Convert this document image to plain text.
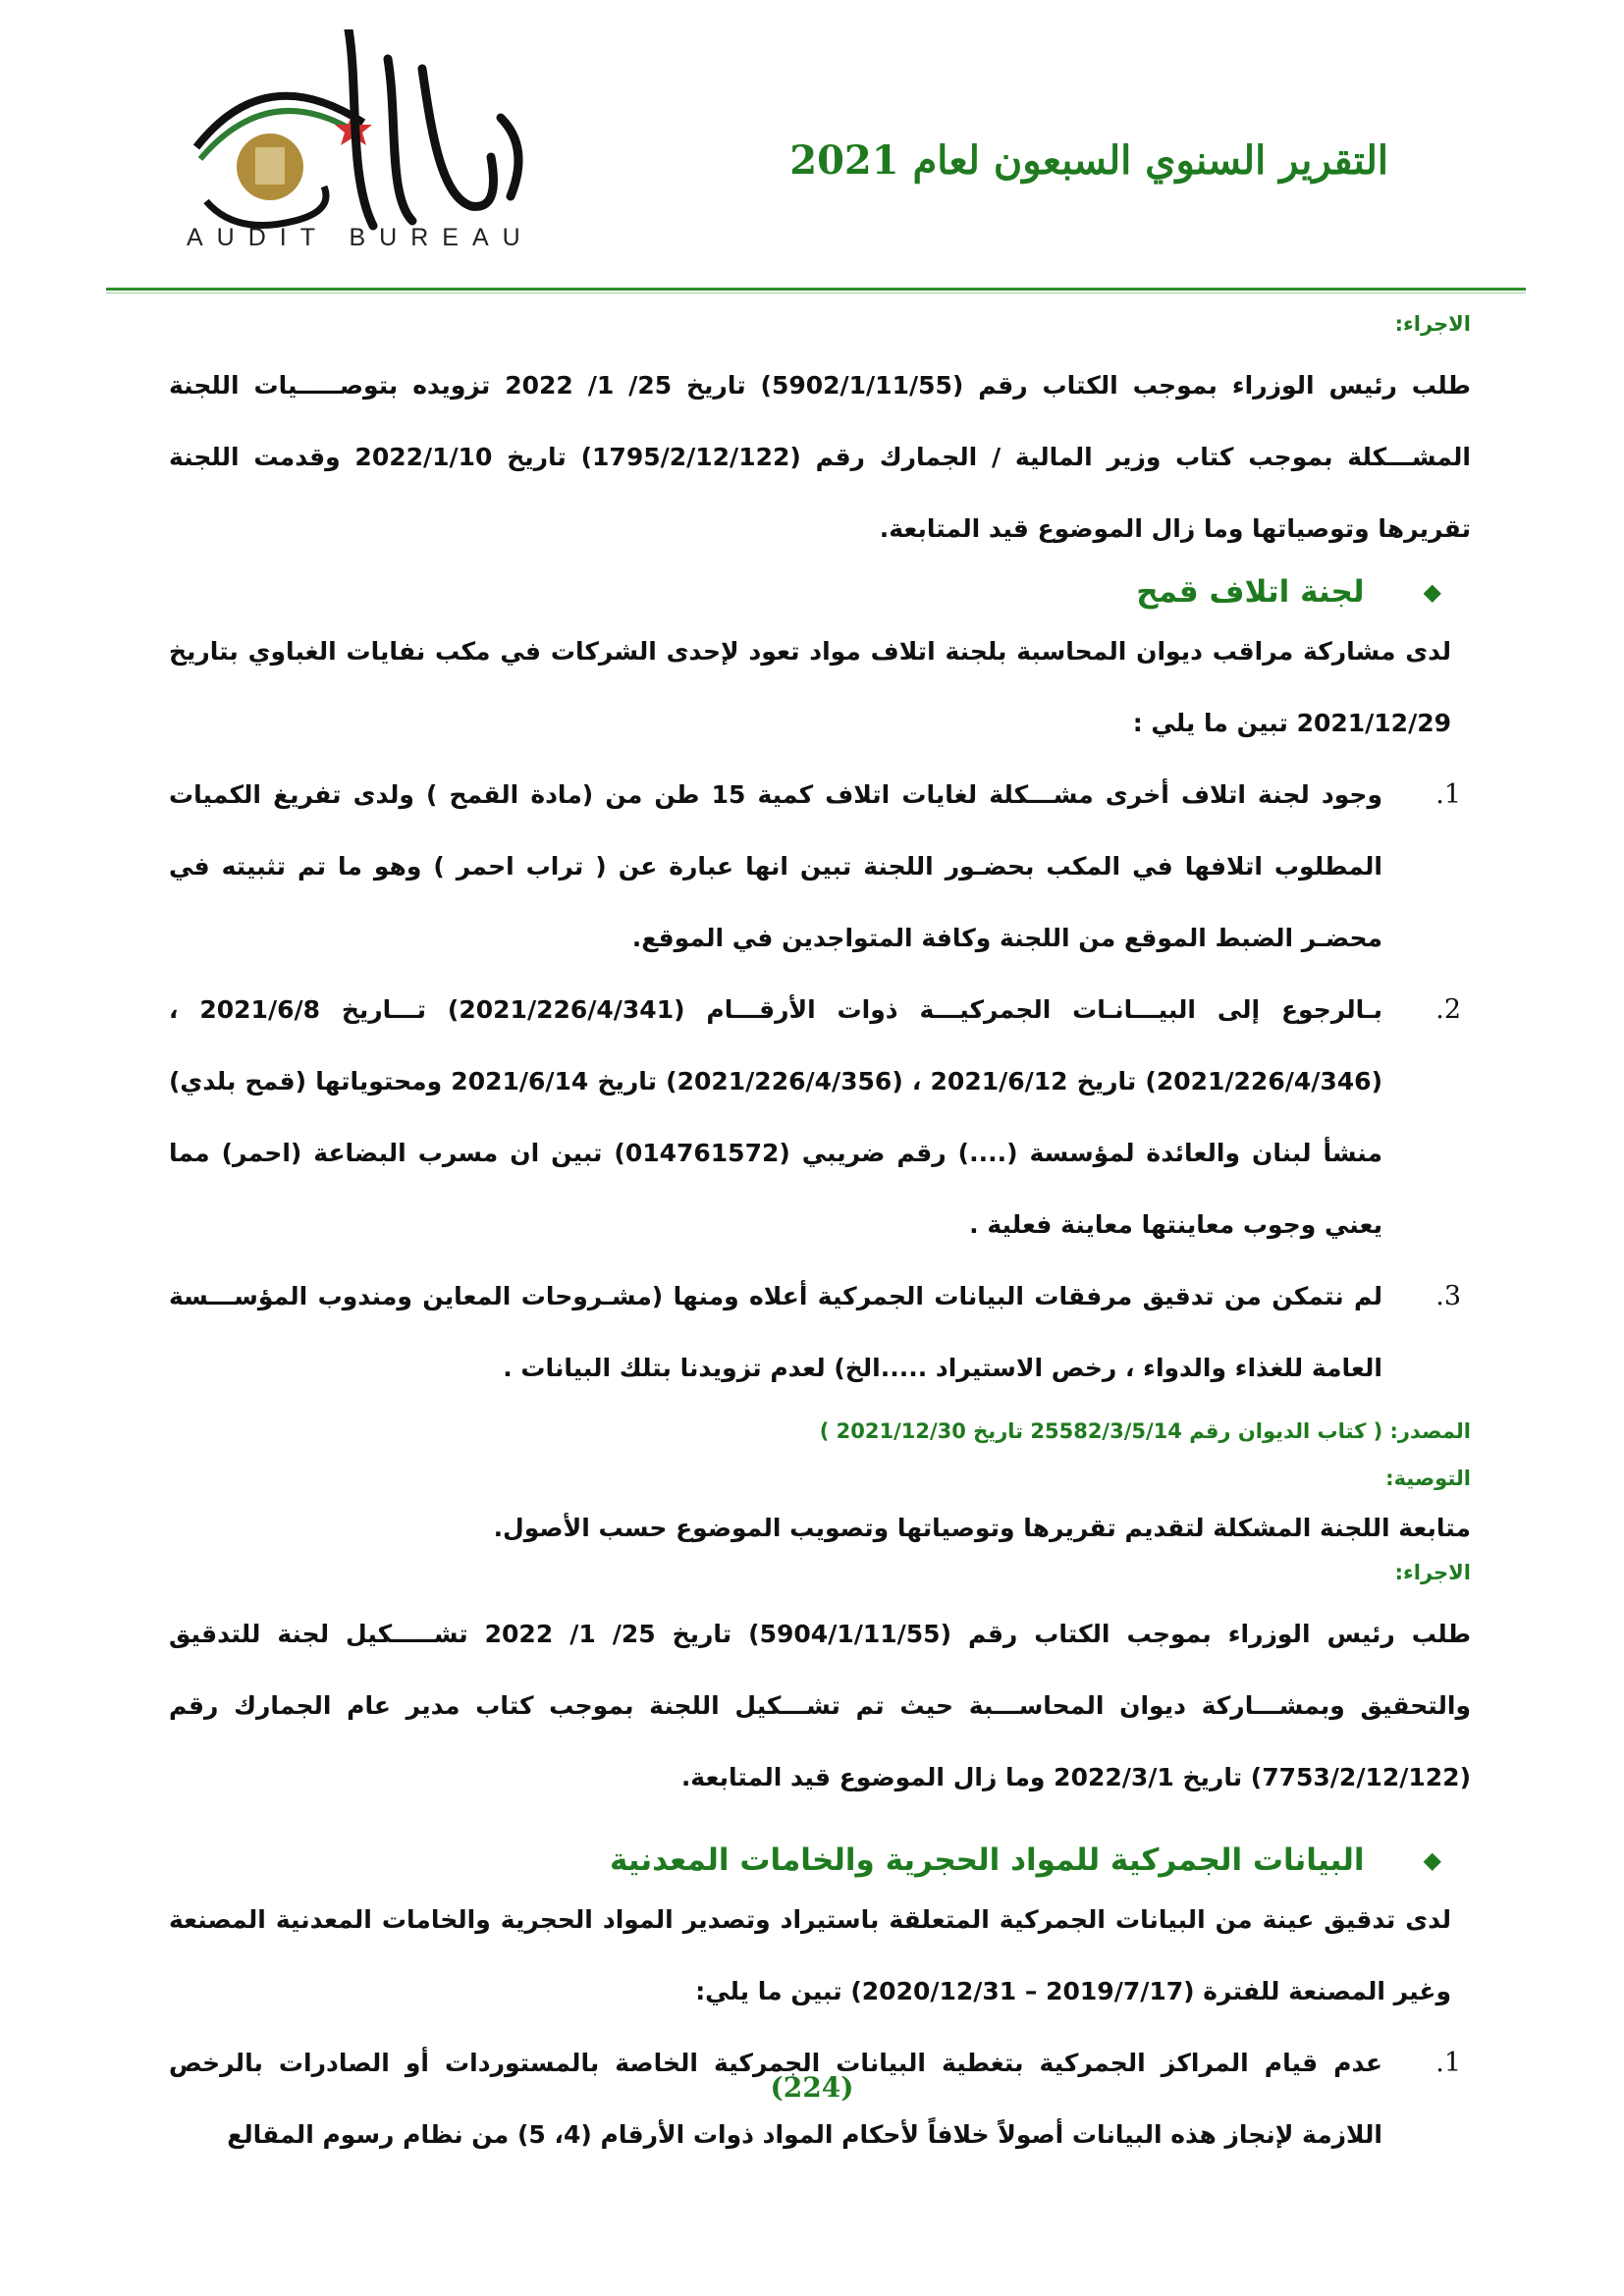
AUDIT BUREAU
التقرير السنوي السبعون لعام 2021
الاجراء:

طلب رئيس الوزراء بموجب الكتاب رقم (5902/1/11/55) تاريخ 25/ 1/ 2022 تزويده بتوصـــــيات اللجنة المشـــكلة بموجب كتاب وزير المالية / الجمارك رقم (1795/2/12/122) تاريخ 2022/1/10 وقدمت اللجنة تقريرها وتوصياتها وما زال الموضوع قيد المتابعة.

◆
لجنة اتلاف قمح

لدى مشاركة مراقب ديوان المحاسبة بلجنة اتلاف مواد تعود لإحدى الشركات في مكب نفايات الغباوي بتاريخ 2021/12/29 تبين ما يلي :

1.

وجود لجنة اتلاف أخرى مشـــكلة لغايات اتلاف كمية 15 طن من (مادة القمح ) ولدى تفريغ الكميات المطلوب اتلافها في المكب بحضـور اللجنة تبين انها عبارة عن ( تراب احمر ) وهو ما تم تثبيته في محضـر الضبط الموقع من اللجنة وكافة المتواجدين في الموقع.

2.

بـالرجوع إلى البيـــانـات الجمركيـــة ذوات الأرقـــام (2021/226/4/341) تـــاريخ 2021/6/8 ،(2021/226/4/346) تاريخ 2021/6/12 ، (2021/226/4/356) تاريخ 2021/6/14 ومحتوياتها (قمح بلدي) منشأ لبنان والعائدة لمؤسسة (....) رقم ضريبي (014761572) تبين ان مسرب البضاعة (احمر) مما يعني وجوب معاينتها معاينة فعلية .

3.

لم نتمكن من تدقيق مرفقات البيانات الجمركية أعلاه ومنها (مشـروحات المعاين ومندوب المؤســـسة العامة للغذاء والدواء ، رخص الاستيراد .....الخ) لعدم تزويدنا بتلك البيانات .

المصدر: ( كتاب الديوان رقم 25582/3/5/14 تاريخ 2021/12/30 )
التوصية:

متابعة اللجنة المشكلة لتقديم تقريرها وتوصياتها وتصويب الموضوع حسب الأصول.

الاجراء:

طلب رئيس الوزراء بموجب الكتاب رقم (5904/1/11/55) تاريخ 25/ 1/ 2022 تشـــــكيل لجنة للتدقيق والتحقيق وبمشـــاركة ديوان المحاســـبة حيث تم تشـــكيل اللجنة بموجب كتاب مدير عام الجمارك رقم (7753/2/12/122) تاريخ 2022/3/1 وما زال الموضوع قيد المتابعة.

◆
البيانات الجمركية للمواد الحجرية والخامات المعدنية

لدى تدقيق عينة من البيانات الجمركية المتعلقة باستيراد وتصدير المواد الحجرية والخامات المعدنية المصنعة وغير المصنعة للفترة (2019/7/17 – 2020/12/31) تبين ما يلي:

1.

عدم قيام المراكز الجمركية بتغطية البيانات الجمركية الخاصة بالمستوردات أو الصادرات بالرخص اللازمة لإنجاز هذه البيانات أصولاً خلافاً لأحكام المواد ذوات الأرقام (4، 5) من نظام رسوم المقالع

(224)
